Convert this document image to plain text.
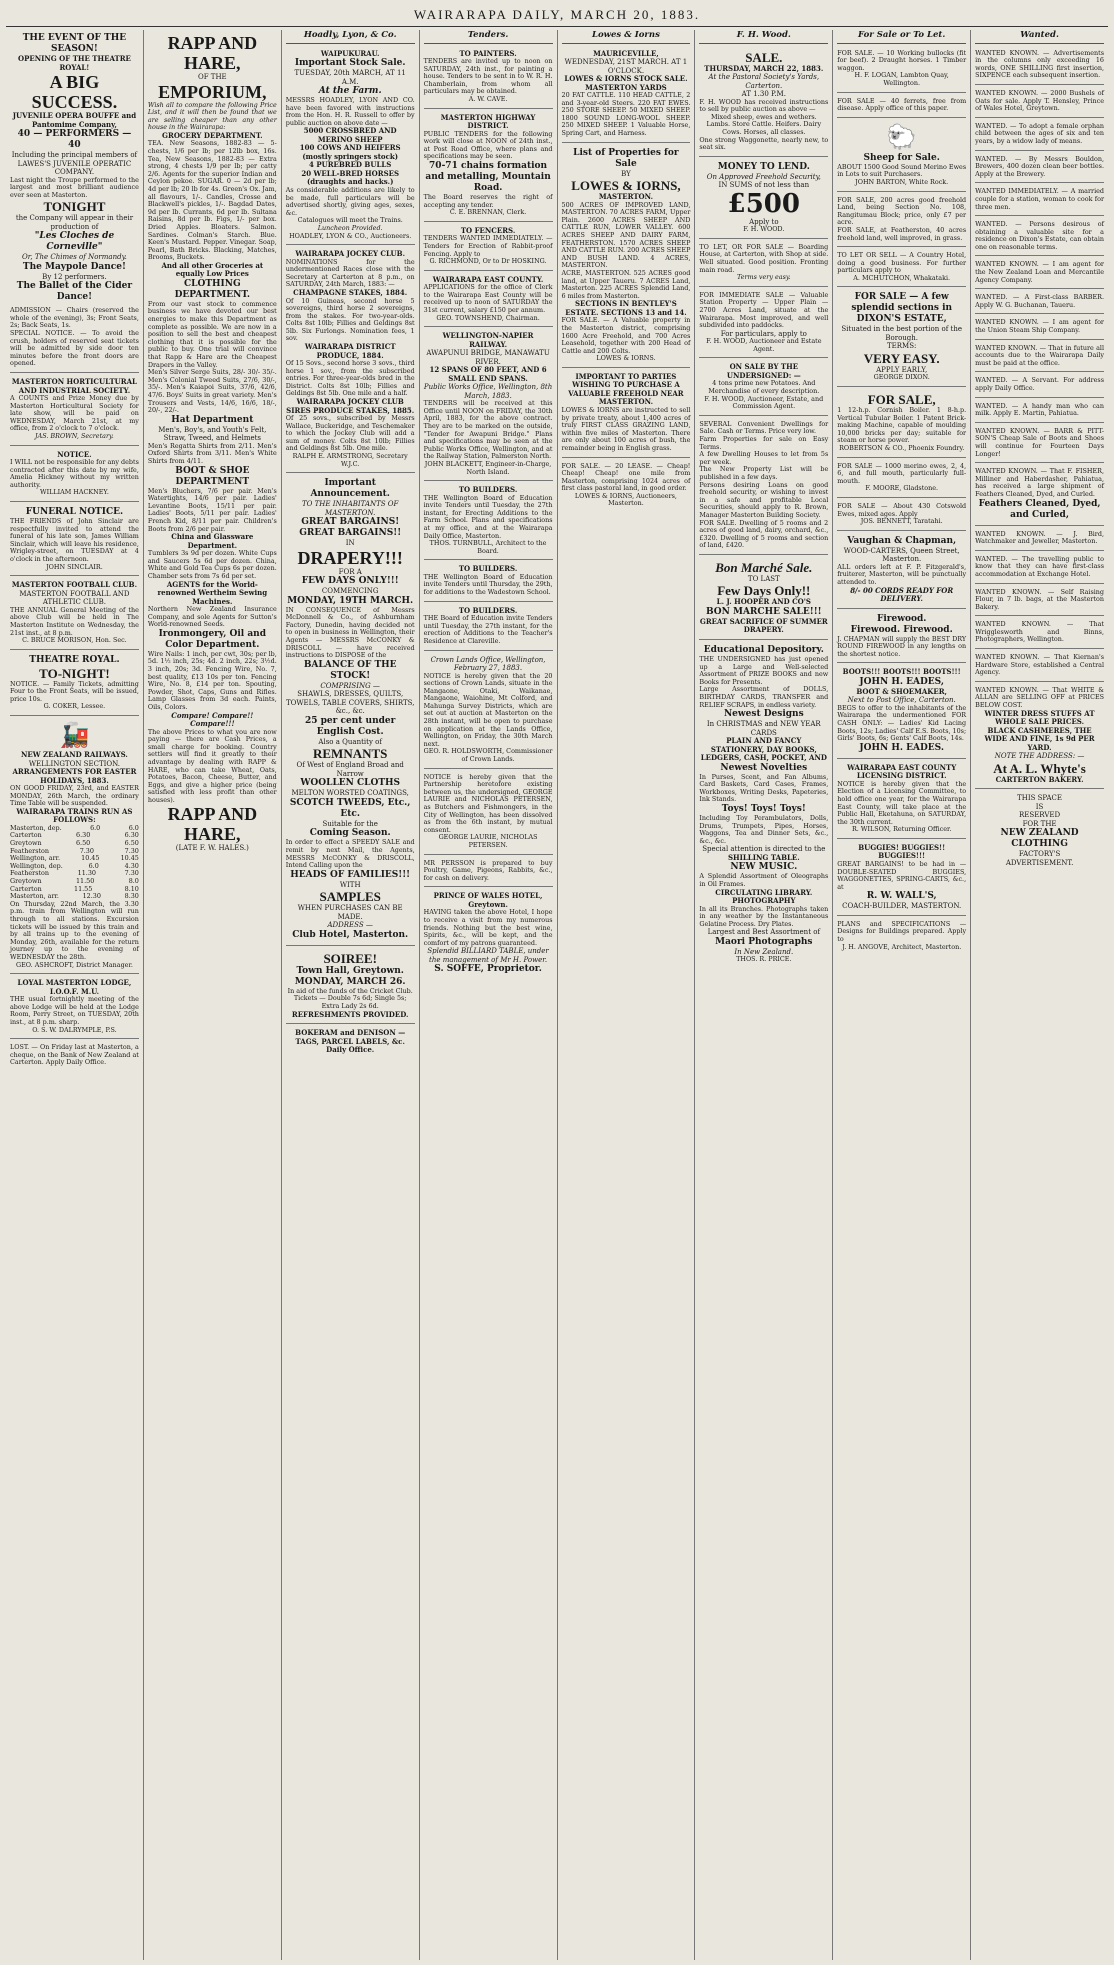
WAIRARAPA DAILY, MARCH 20, 1883.
THE EVENT OF THE SEASON!
OPENING OF THE THEATRE ROYAL!
A BIG SUCCESS.
JUVENILE OPERA BOUFFE and Pantomime Company,
40 — PERFORMERS — 40
Including the principal members of LAWES'S JUVENILE OPERATIC COMPANY.
Last night the Troupe performed to the largest and most brilliant audience ever seen at Masterton.
TONIGHT
the Company will appear in their production of
"Les Cloches de Corneville"
Or, The Chimes of Normandy.
The Maypole Dance!
By 12 performers.
The Ballet of the Cider Dance!
ADMISSION — Chairs (reserved the whole of the evening), 3s; Front Seats, 2s; Back Seats, 1s.
SPECIAL NOTICE. — To avoid the crush, holders of reserved seat tickets will be admitted by side door ten minutes before the front doors are opened.
MASTERTON HORTICULTURAL AND INDUSTRIAL SOCIETY.
A COUNTS and Prize Money due by Masterton Horticultural Society for late show, will be paid on WEDNESDAY, March 21st, at my office, from 2 o'clock to 7 o'clock.
JAS. BROWN, Secretary.
NOTICE.
I WILL not be responsible for any debts contracted after this date by my wife, Amelia Hickney without my written authority.
WILLIAM HACKNEY.
FUNERAL NOTICE.
THE FRIENDS of John Sinclair are respectfully invited to attend the funeral of his late son, James William Sinclair, which will leave his residence, Wrigley-street, on TUESDAY at 4 o'clock in the afternoon.
JOHN SINCLAIR.
MASTERTON FOOTBALL CLUB.
MASTERTON FOOTBALL AND ATHLETIC CLUB.
THE ANNUAL General Meeting of the above Club will be held in The Masterton Institute on Wednesday, the 21st inst., at 8 p.m.
C. BRUCE MORISON, Hon. Sec.
THEATRE ROYAL.
TO-NIGHT!
NOTICE. — Family Tickets, admitting Four to the Front Seats, will be issued, price 10s.
G. COKER, Lessee.
🚂
NEW ZEALAND RAILWAYS.
WELLINGTON SECTION.
ARRANGEMENTS FOR EASTER HOLIDAYS, 1883.
ON GOOD FRIDAY, 23rd, and EASTER MONDAY, 26th March, the ordinary Time Table will be suspended.
WAIRARAPA TRAINS RUN AS FOLLOWS:
Masterton, dep.	6.0	6.0
Carterton	6.30	6.30
Greytown	6.50	6.50
Featherston	7.30	7.30
Wellington, arr.	10.45	10.45
Wellington, dep.	6.0	4.30
Featherston	11.30	7.30
Greytown	11.50	8.0
Carterton	11.55	8.10
Masterton, arr.	12.30	8.30
On Thursday, 22nd March, the 3.30 p.m. train from Wellington will run through to all stations. Excursion tickets will be issued by this train and by all trains up to the evening of Monday, 26th, available for the return journey up to the evening of WEDNESDAY the 28th.
GEO. ASHCROFT, District Manager.
LOYAL MASTERTON LODGE, I.O.O.F. M.U.
THE usual fortnightly meeting of the above Lodge will be held at the Lodge Room, Perry Street, on TUESDAY, 20th inst., at 8 p.m. sharp.
O. S. W. DALRYMPLE, P.S.
LOST. — On Friday last at Masterton, a cheque, on the Bank of New Zealand at Carterton. Apply Daily Office.
RAPP AND HARE,
OF THE
EMPORIUM,
Wish all to compare the following Price List, and it will then be found that we are selling cheaper than any other house in the Wairarapa:
GROCERY DEPARTMENT.
TEA. New Seasons, 1882-83 — 5-chests, 1/6 per lb; per 12lb box, 16s. Tea, New Seasons, 1882-83 — Extra strong, 4 chests 1/9 per lb; per catty 2/6. Agents for the superior Indian and Ceylon pekoe. SUGAR. 0 — 2d per lb; 4d per lb; 20 lb for 4s. Green's Ox. Jam, all flavours, 1/-. Candles, Crosse and Blackwell's pickles, 1/-. Bagdad Dates, 9d per lb. Currants, 6d per lb. Sultana Raisins, 8d per lb. Figs, 1/- per box. Dried Apples. Bloaters. Salmon. Sardines. Colman's Starch. Blue. Keen's Mustard. Pepper. Vinegar. Soap, Pearl, Bath Bricks. Blacking, Matches, Brooms, Buckets.
And all other Groceries at equally Low Prices
CLOTHING DEPARTMENT.
From our vast stock to commence business we have devoted our best energies to make this Department as complete as possible. We are now in a position to sell the best and cheapest clothing that it is possible for the public to buy. One trial will convince that Rapp & Hare are the Cheapest Drapers in the Valley.
Men's Silver Serge Suits, 28/- 30/- 35/-. Men's Colonial Tweed Suits, 27/6, 30/-, 35/-. Men's Kaiapoi Suits, 37/6, 42/6, 47/6. Boys' Suits in great variety. Men's Trousers and Vests, 14/6, 16/6, 18/-, 20/-, 22/-.
Hat Department
Men's, Boy's, and Youth's Felt, Straw, Tweed, and Helmets
Men's Regatta Shirts from 2/11. Men's Oxford Shirts from 3/11. Men's White Shirts from 4/11.
BOOT & SHOE DEPARTMENT
Men's Bluchers, 7/6 per pair. Men's Watertights, 14/6 per pair. Ladies' Levantine Boots, 15/11 per pair. Ladies' Boots, 5/11 per pair. Ladies' French Kid, 8/11 per pair. Children's Boots from 2/6 per pair.
China and Glassware Department.
Tumblers 3s 9d per dozen. White Cups and Saucers 5s 6d per dozen. China, White and Gold Tea Cups 6s per dozen. Chamber sets from 7s 6d per set.
AGENTS for the World-renowned Wertheim Sewing Machines.
Northern New Zealand Insurance Company, and sole Agents for Sutton's World-renowned Seeds.
Ironmongery, Oil and Color Department.
Wire Nails: 1 inch, per cwt, 30s; per lb, 5d. 1½ inch, 25s; 4d. 2 inch, 22s; 3½d. 3 inch, 20s; 3d. Fencing Wire, No. 7, best quality, £13 10s per ton. Fencing Wire, No. 8, £14 per ton. Spouting, Powder, Shot, Caps, Guns and Rifles. Lamp Glasses from 3d each. Paints, Oils, Colors.
Compare! Compare!! Compare!!!
The above Prices to what you are now paying — there are Cash Prices, a small charge for booking. Country settlers will find it greatly to their advantage by dealing with RAPP & HARE, who can take Wheat, Oats, Potatoes, Bacon, Cheese, Butter, and Eggs, and give a higher price (being satisfied with less profit than other houses).
RAPP AND HARE,
(LATE F. W. HALES.)
Hoadly, Lyon, & Co.
WAIPUKURAU.
Important Stock Sale.
TUESDAY, 20th MARCH, AT 11 A.M.
At the Farm.
MESSRS HOADLEY, LYON AND CO. have been favored with instructions from the Hon. H. R. Russell to offer by public auction on above date —
5000 CROSSBRED AND MERINO SHEEP
100 COWS AND HEIFERS (mostly springers stock)
4 PUREBRED BULLS
20 WELL-BRED HORSES (draughts and hacks.)
As considerable additions are likely to be made, full particulars will be advertised shortly, giving ages, sexes, &c.
Catalogues will meet the Trains.
Luncheon Provided.
HOADLEY, LYON & CO., Auctioneers.
WAIRARAPA JOCKEY CLUB.
NOMINATIONS for the undermentioned Races close with the Secretary at Carterton at 8 p.m., on SATURDAY, 24th March, 1883: —
CHAMPAGNE STAKES, 1884.
Of 10 Guineas, second horse 5 sovereigns, third horse 2 sovereigns, from the stakes. For two-year-olds. Colts 8st 10lb; Fillies and Geldings 8st 5lb. Six Furlongs. Nomination fees, 1 sov.
WAIRARAPA DISTRICT PRODUCE, 1884.
Of 15 Sovs., second horse 3 sovs., third horse 1 sov., from the subscribed entries. For three-year-olds bred in the District. Colts 8st 10lb; Fillies and Geldings 8st 5lb. One mile and a half.
WAIRARAPA JOCKEY CLUB SIRES PRODUCE STAKES, 1885.
Of 25 sovs., subscribed by Messrs Wallace, Buckeridge, and Teschemaker to which the Jockey Club will add a sum of money. Colts 8st 10lb; Fillies and Geldings 8st 5lb. One mile.
RALPH E. ARMSTRONG, Secretary W.J.C.
Important Announcement.
TO THE INHABITANTS OF MASTERTON.
GREAT BARGAINS! GREAT BARGAINS!!
IN
DRAPERY!!!
FOR A
FEW DAYS ONLY!!!
COMMENCING
MONDAY, 19TH MARCH.
IN CONSEQUENCE of Messrs McDonnell & Co., of Ashburnham Factory, Dunedin, having decided not to open in business in Wellington, their Agents — MESSRS McCONKY & DRISCOLL — have received instructions to DISPOSE of the
BALANCE OF THE STOCK!
COMPRISING —
SHAWLS, DRESSES, QUILTS, TOWELS, TABLE COVERS, SHIRTS, &c., &c.
25 per cent under English Cost.
Also a Quantity of
REMNANTS
Of West of England Broad and Narrow
WOOLLEN CLOTHS
MELTON WORSTED COATINGS,
SCOTCH TWEEDS, Etc., Etc.
Suitable for the
Coming Season.
In order to effect a SPEEDY SALE and remit by next Mail, the Agents, MESSRS McCONKY & DRISCOLL, Intend Calling upon the
HEADS OF FAMILIES!!!
WITH
SAMPLES
WHEN PURCHASES CAN BE MADE.
ADDRESS —
Club Hotel, Masterton.
SOIREE!
Town Hall, Greytown.
MONDAY, MARCH 26.
In aid of the funds of the Cricket Club.
Tickets — Double 7s 6d; Single 5s; Extra Lady 2s 6d.
REFRESHMENTS PROVIDED.
BOKERAM and DENISON — TAGS, PARCEL LABELS, &c. Daily Office.
Tenders.
TO PAINTERS.
TENDERS are invited up to noon on SATURDAY, 24th inst., for painting a house. Tenders to be sent in to W. R. H. Chamberlain, from whom all particulars may be obtained.
A. W. CAVE.
MASTERTON HIGHWAY DISTRICT.
PUBLIC TENDERS for the following work will close at NOON of 24th inst., at Post Road Office, where plans and specifications may be seen.
70-71 chains formation and metalling, Mountain Road.
The Board reserves the right of accepting any tender.
C. E. BRENNAN, Clerk.
TO FENCERS.
TENDERS WANTED IMMEDIATELY. — Tenders for Erection of Rabbit-proof Fencing. Apply to
G. RICHMOND, Or to Dr HOSKING.
WAIRARAPA EAST COUNTY.
APPLICATIONS for the office of Clerk to the Wairarapa East County will be received up to noon of SATURDAY the 31st current, salary £150 per annum.
GEO. TOWNSHEND, Chairman.
WELLINGTON-NAPIER RAILWAY.
AWAPUNUI BRIDGE, MANAWATU RIVER.
12 SPANS OF 80 FEET, AND 6 SMALL END SPANS.
Public Works Office, Wellington, 8th March, 1883.
TENDERS will be received at this Office until NOON on FRIDAY, the 30th April, 1883, for the above contract. They are to be marked on the outside, "Tender for Awapuni Bridge." Plans and specifications may be seen at the Public Works Office, Wellington, and at the Railway Station, Palmerston North.
JOHN BLACKETT, Engineer-in-Charge, North Island.
TO BUILDERS.
THE Wellington Board of Education invite Tenders until Tuesday, the 27th instant, for Erecting Additions to the Farm School. Plans and specifications at my office, and at the Wairarapa Daily Office, Masterton.
THOS. TURNBULL, Architect to the Board.
TO BUILDERS.
THE Wellington Board of Education invite Tenders until Thursday, the 29th, for additions to the Wadestown School.
TO BUILDERS.
THE Board of Education invite Tenders until Tuesday, the 27th instant, for the erection of Additions to the Teacher's Residence at Clareville.
Crown Lands Office, Wellington, February 27, 1883.
NOTICE is hereby given that the 20 sections of Crown Lands, situate in the Mangaone, Otaki, Waikanae, Mangaone, Waiohine, Mt Colford, and Mahunga Survey Districts, which are set out at auction at Masterton on the 28th instant, will be open to purchase on application at the Lands Office, Wellington, on Friday, the 30th March next.
GEO. R. HOLDSWORTH, Commissioner of Crown Lands.
NOTICE is hereby given that the Partnership heretofore existing between us, the undersigned, GEORGE LAURIE and NICHOLAS PETERSEN, as Butchers and Fishmongers, in the City of Wellington, has been dissolved as from the 6th instant, by mutual consent.
GEORGE LAURIE, NICHOLAS PETERSEN.
MR PERSSON is prepared to buy Poultry, Game, Pigeons, Rabbits, &c., for cash on delivery.
PRINCE OF WALES HOTEL, Greytown.
HAVING taken the above Hotel, I hope to receive a visit from my numerous friends. Nothing but the best wine, Spirits, &c., will be kept, and the comfort of my patrons guaranteed.
Splendid BILLIARD TABLE, under the management of Mr H. Power.
S. SOFFE, Proprietor.
Lowes & Iorns
MAURICEVILLE,
WEDNESDAY, 21ST MARCH. AT 1 O'CLOCK.
LOWES & IORNS STOCK SALE. MASTERTON YARDS
20 FAT CATTLE. 110 HEAD CATTLE, 2 and 3-year-old Steers. 220 FAT EWES. 250 STORE SHEEP. 50 MIXED SHEEP. 1800 SOUND LONG-WOOL SHEEP. 250 MIXED SHEEP. 1 Valuable Horse, Spring Cart, and Harness.
List of Properties for Sale
BY
LOWES & IORNS,
MASTERTON.
500 ACRES OF IMPROVED LAND, MASTERTON. 70 ACRES FARM, Upper Plain. 2600 ACRES SHEEP AND CATTLE RUN, LOWER VALLEY. 600 ACRES SHEEP AND DAIRY FARM, FEATHERSTON. 1570 ACRES SHEEP AND CATTLE RUN. 200 ACRES SHEEP AND BUSH LAND. 4 ACRES, MASTERTON.
ACRE, MASTERTON. 525 ACRES good land, at Upper Taueru. 7 ACRES Land, Masterton. 225 ACRES Splendid Land, 6 miles from Masterton.
SECTIONS IN BENTLEY'S ESTATE. SECTIONS 13 and 14.
FOR SALE. — A Valuable property in the Masterton district, comprising 1600 Acre Freehold, and 700 Acres Leasehold, together with 200 Head of Cattle and 200 Colts.
LOWES & IORNS.
IMPORTANT TO PARTIES WISHING TO PURCHASE A VALUABLE FREEHOLD NEAR MASTERTON.
LOWES & IORNS are instructed to sell by private treaty, about 1,400 acres of truly FIRST CLASS GRAZING LAND, within five miles of Masterton. There are only about 100 acres of bush, the remainder being in English grass.
FOR SALE. — 20 LEASE. — Cheap! Cheap! Cheap! one mile from Masterton, comprising 1024 acres of first class pastoral land, in good order.
LOWES & IORNS, Auctioneers, Masterton.
F. H. Wood.
SALE.
THURSDAY, MARCH 22, 1883.
At the Pastoral Society's Yards, Carterton.
AT 1.30 P.M.
F. H. WOOD has received instructions to sell by public auction as above —
Mixed sheep, ewes and wethers. Lambs. Store Cattle. Heifers. Dairy Cows. Horses, all classes.
One strong Waggonette, nearly new, to seat six.
MONEY TO LEND.
On Approved Freehold Security,
IN SUMS of not less than
£500
Apply to
F. H. WOOD.
TO LET, OR FOR SALE — Boarding House, at Carterton, with Shop at side. Well situated. Good position. Fronting main road.
Terms very easy.
FOR IMMEDIATE SALE — Valuable Station Property — Upper Plain — 2700 Acres Land, situate at the Wairarapa. Most improved, and well subdivided into paddocks.
For particulars, apply to
F. H. WOOD, Auctioneer and Estate Agent.
ON SALE BY THE UNDERSIGNED: —
4 tons prime new Potatoes. And Merchandise of every description.
F. H. WOOD, Auctioneer, Estate, and Commission Agent.
SEVERAL Convenient Dwellings for Sale. Cash or Terms. Price very low.
Farm Properties for sale on Easy Terms.
A few Dwelling Houses to let from 5s per week.
The New Property List will be published in a few days.
Persons desiring Loans on good freehold security, or wishing to invest in a safe and profitable Local Securities, should apply to R. Brown, Manager Masterton Building Society.
FOR SALE. Dwelling of 5 rooms and 2 acres of good land, dairy, orchard, &c., £320. Dwelling of 5 rooms and section of land, £420.
Bon Marché Sale.
TO LAST
Few Days Only!!
L. J. HOOPER AND CO'S
BON MARCHE SALE!!!
GREAT SACRIFICE OF SUMMER DRAPERY.
Educational Depository.
THE UNDERSIGNED has just opened up a Large and Well-selected Assortment of PRIZE BOOKS and new Books for Presents.
Large Assortment of DOLLS, BIRTHDAY CARDS, TRANSFER and RELIEF SCRAPS, in endless variety.
Newest Designs
In CHRISTMAS and NEW YEAR CARDS
PLAIN AND FANCY STATIONERY, DAY BOOKS, LEDGERS, CASH, POCKET, AND
Newest Novelties
In Purses, Scent, and Fan Albums, Card Baskets, Card Cases, Frames, Workboxes, Writing Desks, Papeteries, Ink Stands.
Toys! Toys! Toys!
Including Toy Perambulators, Dolls, Drums, Trumpets, Pipes, Horses, Waggons, Tea and Dinner Sets, &c., &c., &c.
Special attention is directed to the
SHILLING TABLE.
NEW MUSIC.
A Splendid Assortment of Oleographs in Oil Frames.
CIRCULATING LIBRARY.
PHOTOGRAPHY
In all its Branches. Photographs taken in any weather by the Instantaneous Gelatine Process. Dry Plates.
Largest and Best Assortment of
Maori Photographs
In New Zealand.
THOS. R. PRICE.
For Sale or To Let.
FOR SALE. — 10 Working bullocks (fit for beef). 2 Draught horses. 1 Timber waggon.
H. F. LOGAN, Lambton Quay, Wellington.
FOR SALE — 40 ferrets, free from disease. Apply office of this paper.
🐑
Sheep for Sale.
ABOUT 1500 Good Sound Merino Ewes in Lots to suit Purchasers.
JOHN BARTON, White Rock.
FOR SALE, 200 acres good freehold Land, being Section No. 108, Rangitumau Block; price, only £7 per acre.
FOR SALE, at Featherston, 40 acres freehold land, well improved, in grass.
TO LET OR SELL — A Country Hotel, doing a good business. For further particulars apply to
A. MCHUTCHON, Whakataki.
FOR SALE — A few splendid sections in DIXON'S ESTATE,
Situated in the best portion of the Borough.
TERMS:
VERY EASY.
APPLY EARLY,
GEORGE DIXON.
FOR SALE,
1 12-h.p. Cornish Boiler. 1 8-h.p. Vertical Tubular Boiler. 1 Patent Brick-making Machine, capable of moulding 10,000 bricks per day; suitable for steam or horse power.
ROBERTSON & CO., Phoenix Foundry.
FOR SALE — 1000 merino ewes, 2, 4, 6, and full mouth, particularly full-mouth.
F. MOORE, Gladstone.
FOR SALE — About 430 Cotswold Ewes, mixed ages. Apply
JOS. BENNETT, Taratahi.
Vaughan & Chapman,
WOOD-CARTERS, Queen Street, Masterton.
ALL orders left at F. P. Fitzgerald's, fruiterer, Masterton, will be punctually attended to.
8/- 00 CORDS READY FOR DELIVERY.
Firewood.
Firewood. Firewood.
J. CHAPMAN will supply the BEST DRY ROUND FIREWOOD in any lengths on the shortest notice.
BOOTS!!! BOOTS!!! BOOTS!!!
JOHN H. EADES,
BOOT & SHOEMAKER,
Next to Post Office, Carterton.
BEGS to offer to the inhabitants of the Wairarapa the undermentioned FOR CASH ONLY: — Ladies' Kid Lacing Boots, 12s; Ladies' Calf E.S. Boots, 10s; Girls' Boots, 6s; Gents' Calf Boots, 14s.
JOHN H. EADES.
WAIRARAPA EAST COUNTY LICENSING DISTRICT.
NOTICE is hereby given that the Election of a Licensing Committee, to hold office one year, for the Wairarapa East County, will take place at the Public Hall, Eketahuna, on SATURDAY, the 30th current.
R. WILSON, Returning Officer.
BUGGIES! BUGGIES!! BUGGIES!!!
GREAT BARGAINS! to be had in — DOUBLE-SEATED BUGGIES, WAGGONETTES, SPRING-CARTS, &c., at
R. W. WALL'S,
COACH-BUILDER, MASTERTON.
PLANS and SPECIFICATIONS — Designs for Buildings prepared. Apply to
J. H. ANGOVE, Architect, Masterton.
Wanted.
WANTED KNOWN. — Advertisements in the columns only exceeding 16 words, ONE SHILLING first insertion, SIXPENCE each subsequent insertion.
WANTED KNOWN. — 2000 Bushels of Oats for sale. Apply T. Hensley, Prince of Wales Hotel, Greytown.
WANTED. — To adopt a female orphan child between the ages of six and ten years, by a widow lady of means.
WANTED. — By Messrs Bouldon, Brewers, 400 dozen clean beer bottles. Apply at the Brewery.
WANTED IMMEDIATELY. — A married couple for a station, woman to cook for three men.
WANTED. — Persons desirous of obtaining a valuable site for a residence on Dixon's Estate, can obtain one on reasonable terms.
WANTED KNOWN. — I am agent for the New Zealand Loan and Mercantile Agency Company.
WANTED. — A First-class BARBER. Apply W. G. Buchanan, Taueru.
WANTED KNOWN. — I am agent for the Union Steam Ship Company.
WANTED KNOWN. — That in future all accounts due to the Wairarapa Daily must be paid at the office.
WANTED. — A Servant. For address apply Daily Office.
WANTED. — A handy man who can milk. Apply E. Martin, Pahiatua.
WANTED KNOWN. — BARR & PITT-SON'S Cheap Sale of Boots and Shoes will continue for Fourteen Days Longer!
WANTED KNOWN. — That F. FISHER, Milliner and Haberdasher, Pahiatua, has received a large shipment of Feathers Cleaned, Dyed, and Curled.
Feathers Cleaned, Dyed, and Curled,
WANTED KNOWN. — J. Bird, Watchmaker and Jeweller, Masterton.
WANTED. — The travelling public to know that they can have first-class accommodation at Exchange Hotel.
WANTED KNOWN. — Self Raising Flour, in 7 lb. bags, at the Masterton Bakery.
WANTED KNOWN. — That Wrigglesworth and Binns, Photographers, Wellington.
WANTED KNOWN. — That Kiernan's Hardware Store, established a Central Agency.
WANTED KNOWN. — That WHITE & ALLAN are SELLING OFF at PRICES BELOW COST.
WINTER DRESS STUFFS AT WHOLE SALE PRICES.
BLACK CASHMERES, THE WIDE AND FINE, 1s 9d PER YARD.
NOTE THE ADDRESS: —
At A. L. Whyte's
CARTERTON BAKERY.
THIS SPACE
IS
RESERVED
FOR THE
NEW ZEALAND CLOTHING
FACTORY'S
ADVERTISEMENT.
